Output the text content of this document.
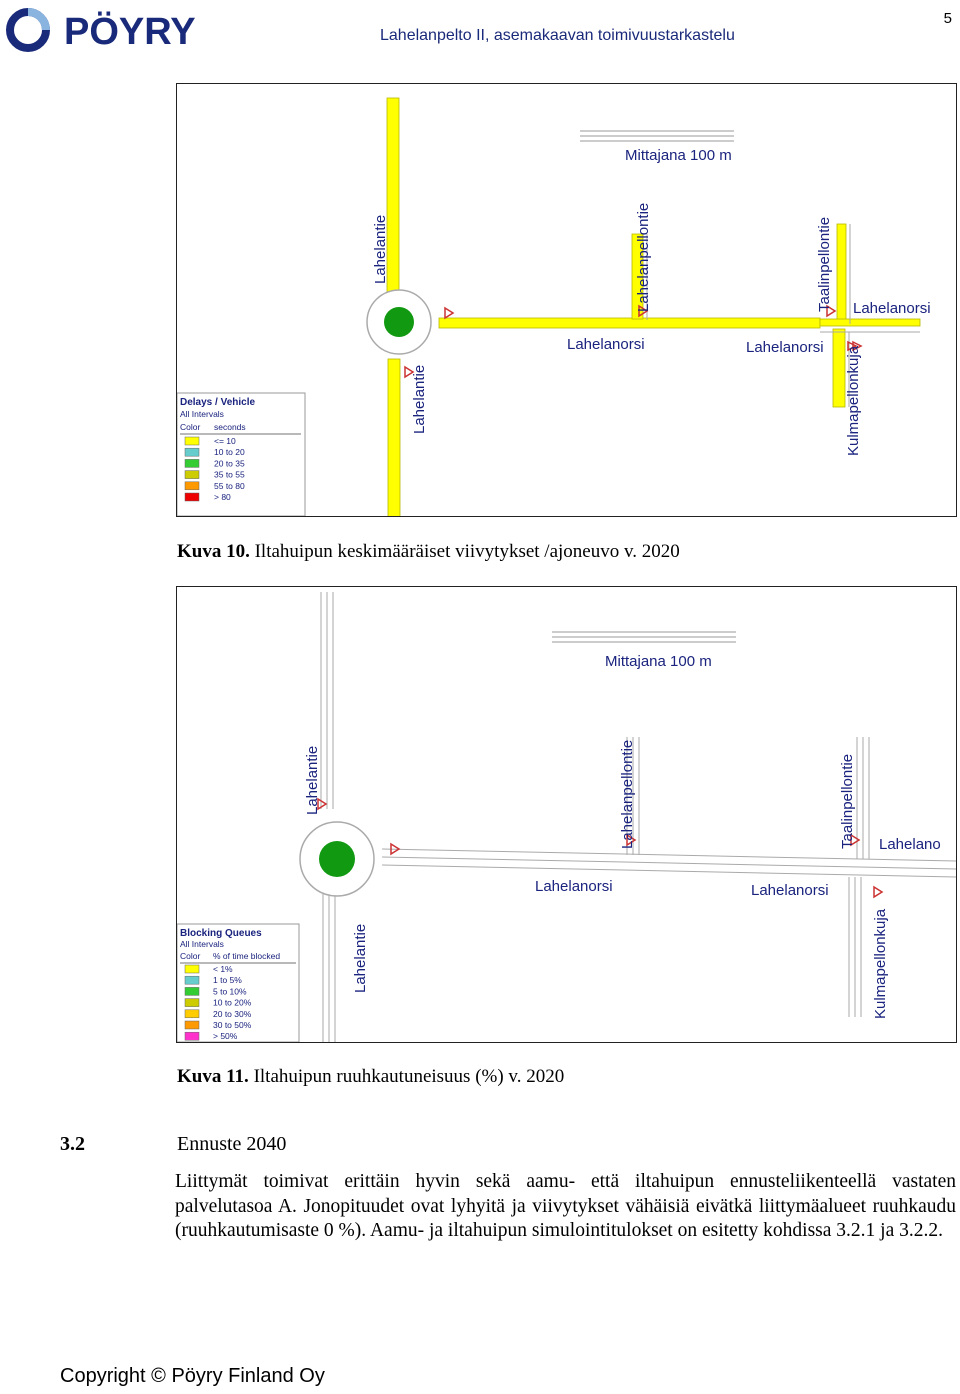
PÖYRY	Lahelanpelto II, asemakaavan toimivuustarkastelu
5
Mittajana 100 m
Lahelantie
Lahelantie
Lahelanpellontie	Taalinpellontie Lahelanorsi
Lahelanorsi	Lahelanorsi Kulmapellonkuja
Delays / Vehicle
All Intervals
Color seconds
<= 10
10 to 20
20 to 35
35 to 55
55 to 80
> 80
Kuva 10. Iltahuipun keskimääräiset viivytykset /ajoneuvo v. 2020
Mittajana 100 m
Lahelantie
Lahelantie
Lahelanpellontie	Taalinpellontie Lahelano
Lahelanorsi	Lahelanorsi
Kulmapellonkuja
Blocking Queues
All Intervals
Color % of time blocked
< 1%
1 to 5%
5 to 10%
10 to 20%
20 to 30%
30 to 50%
> 50%
Kuva 11. Iltahuipun ruuhkautuneisuus (%) v. 2020
3.2	Ennuste 2040
Liittymät toimivat erittäin hyvin sekä aamu- että iltahuipun ennusteliikenteellä vastaten palvelutasoa A. Jonopituudet ovat lyhyitä ja viivytykset vähäisiä eivätkä liittymäalueet ruuhkaudu (ruuhkautumisaste 0 %). Aamu- ja iltahuipun simulointitulokset on esitetty kohdissa 3.2.1 ja 3.2.2.
Copyright © Pöyry Finland Oy
